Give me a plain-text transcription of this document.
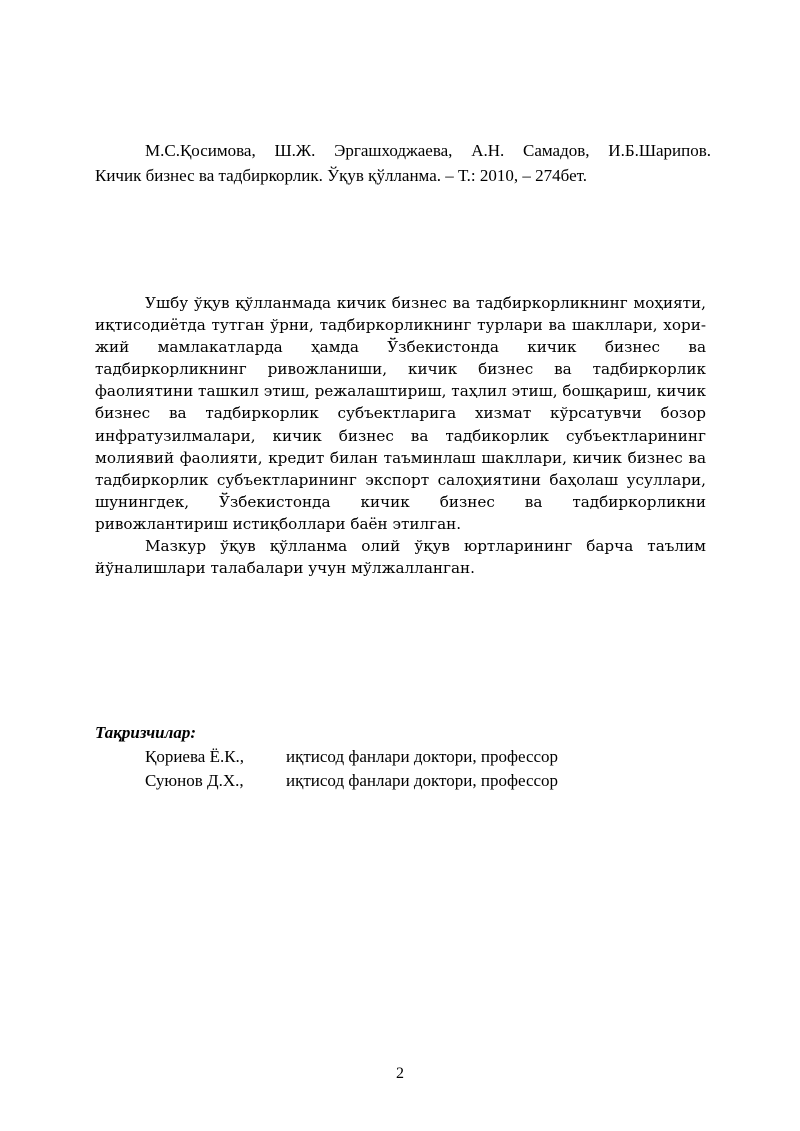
М.С.Қосимова, Ш.Ж. Эргашходжаева, А.Н. Самадов, И.Б.Шарипов.
Кичик бизнес ва тадбиркорлик. Ўқув қўлланма. – Т.: 2010, – 274бет.

Ушбу ўқув қўлланмада кичик бизнес ва тадбиркорликнинг моҳияти, иқтисодиётда тутган ўрни, тадбиркорликнинг турлари ва шакллари, хори-жий мамлакатларда ҳамда Ўзбекистонда кичик бизнес ва тадбиркорликнинг ривожланиши, кичик бизнес ва тадбиркорлик фаолиятини ташкил этиш, режалаштириш, таҳлил этиш, бошқариш, кичик бизнес ва тадбиркорлик субъектларига хизмат кўрсатувчи бозор инфратузилмалари, кичик бизнес ва тадбикорлик субъектларининг молиявий фаолияти, кредит билан таъминлаш шакллари, кичик бизнес ва тадбиркорлик субъектларининг экспорт салоҳиятини баҳолаш усуллари, шунингдек, Ўзбекистонда кичик бизнес ва тадбиркорликни ривожлантириш истиқболлари баён этилган.

Мазкур ўқув қўлланма олий ўқув юртларининг барча таълим йўналишлари талабалари учун мўлжалланган.

Тақризчилар:
Қориева Ё.К.,	иқтисод фанлари доктори, профессор
Суюнов Д.Х.,	иқтисод фанлари доктори, профессор
2
